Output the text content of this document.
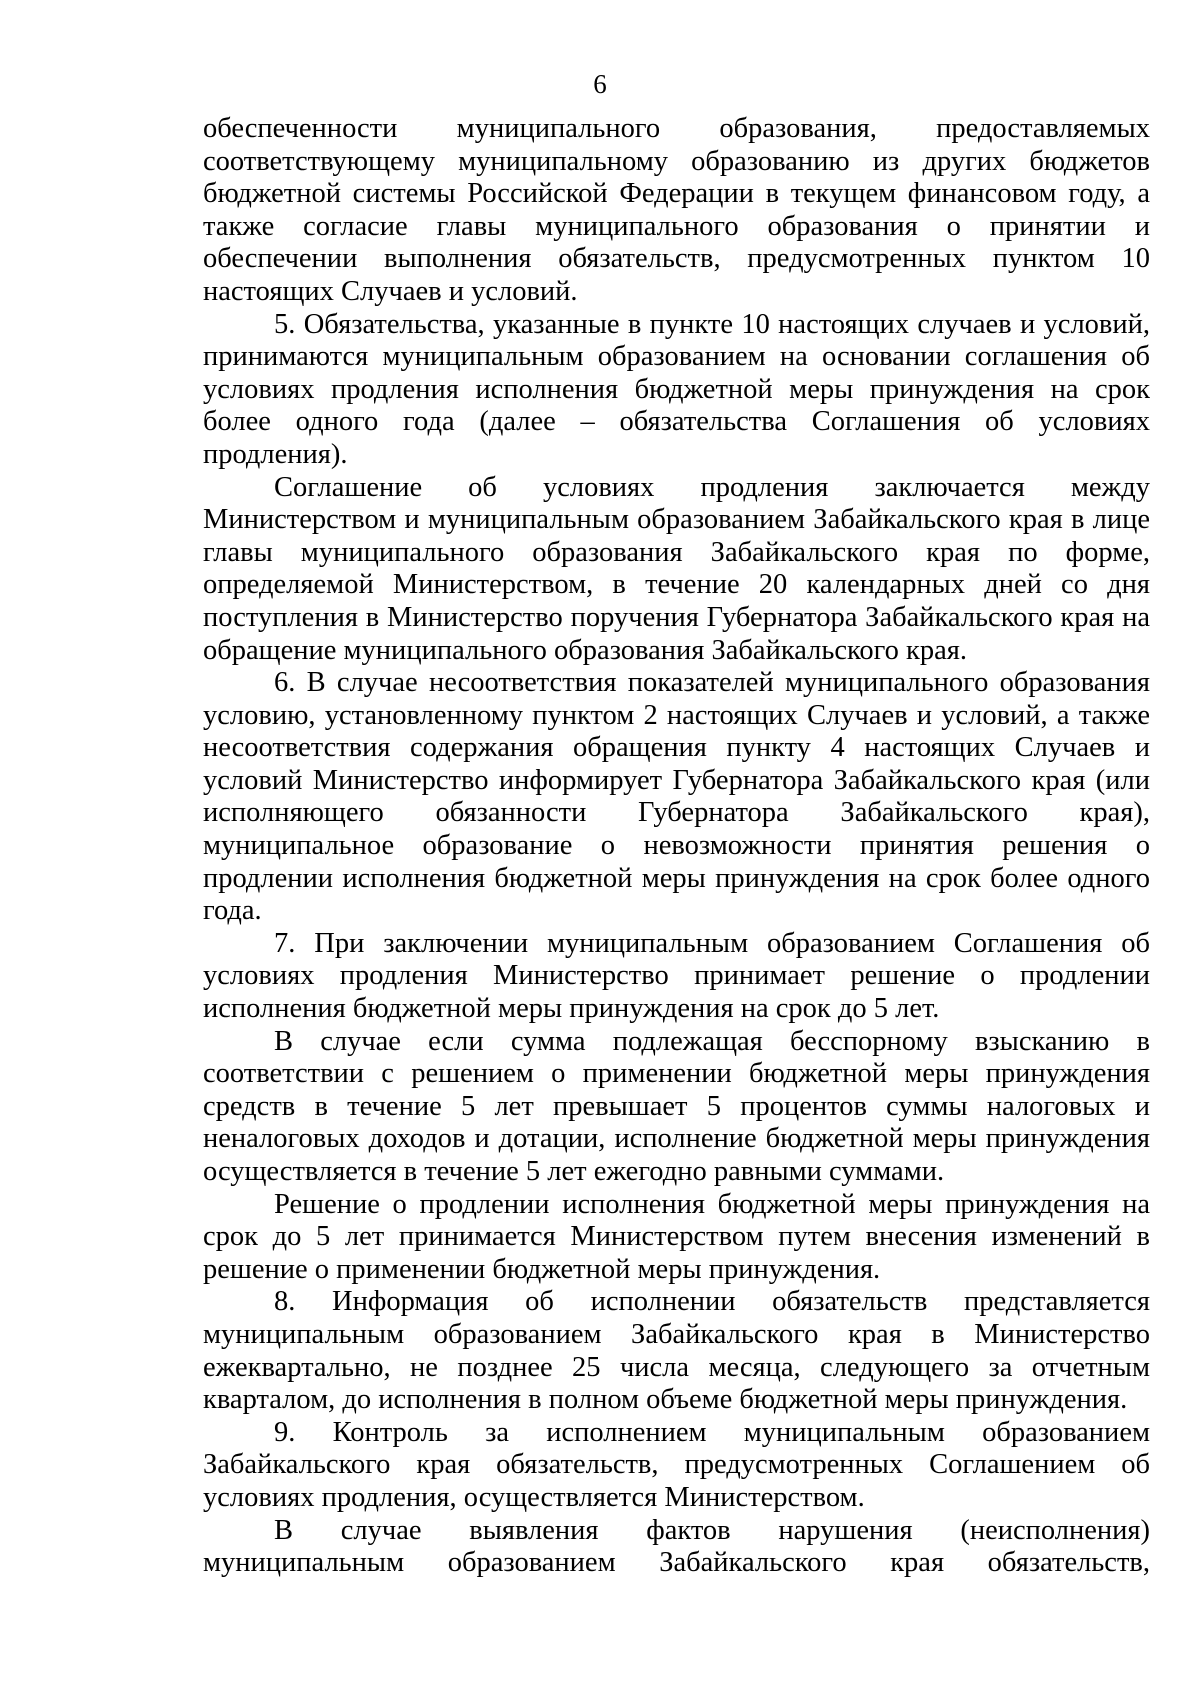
6

обеспеченности муниципального образования, предоставляемых соответствующему муниципальному образованию из других бюджетов бюджетной системы Российской Федерации в текущем финансовом году, а также согласие главы муниципального образования о принятии и обеспечении выполнения обязательств, предусмотренных пунктом 10 настоящих Случаев и условий.

5. Обязательства, указанные в пункте 10 настоящих случаев и условий, принимаются муниципальным образованием на основании соглашения об условиях продления исполнения бюджетной меры принуждения на срок более одного года (далее – обязательства Соглашения об условиях продления).

Соглашение об условиях продления заключается между Министерством и муниципальным образованием Забайкальского края в лице главы муниципального образования Забайкальского края по форме, определяемой Министерством, в течение 20 календарных дней со дня поступления в Министерство поручения Губернатора Забайкальского края на обращение муниципального образования Забайкальского края.

6. В случае несоответствия показателей муниципального образования условию, установленному пунктом 2 настоящих Случаев и условий, а также несоответствия содержания обращения пункту 4 настоящих Случаев и условий Министерство информирует Губернатора Забайкальского края (или исполняющего обязанности Губернатора Забайкальского края), муниципальное образование о невозможности принятия решения о продлении исполнения бюджетной меры принуждения на срок более одного года.

7. При заключении муниципальным образованием Соглашения об условиях продления Министерство принимает решение о продлении исполнения бюджетной меры принуждения на срок до 5 лет.

В случае если сумма подлежащая бесспорному взысканию в соответствии с решением о применении бюджетной меры принуждения средств в течение 5 лет превышает 5 процентов суммы налоговых и неналоговых доходов и дотации, исполнение бюджетной меры принуждения осуществляется в течение 5 лет ежегодно равными суммами.

Решение о продлении исполнения бюджетной меры принуждения на срок до 5 лет принимается Министерством путем внесения изменений в решение о применении бюджетной меры принуждения.

8. Информация об исполнении обязательств представляется муниципальным образованием Забайкальского края в Министерство ежеквартально, не позднее 25 числа месяца, следующего за отчетным кварталом, до исполнения в полном объеме бюджетной меры принуждения.

9. Контроль за исполнением муниципальным образованием Забайкальского края обязательств, предусмотренных Соглашением об условиях продления, осуществляется Министерством.

В случае выявления фактов нарушения (неисполнения) муниципальным образованием Забайкальского края обязательств,
